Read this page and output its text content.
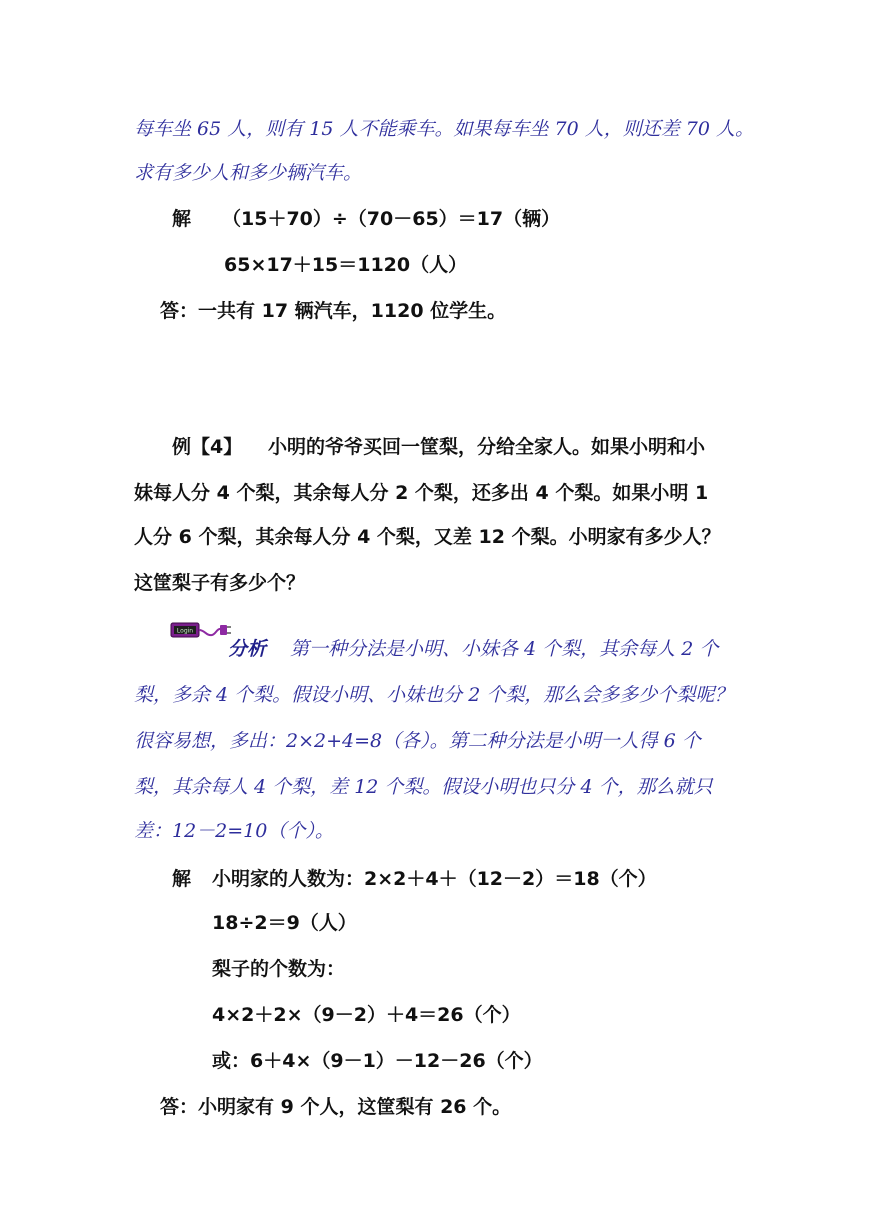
每车坐 65 人，则有 15 人不能乘车。如果每车坐 70 人，则还差 70 人。
求有多少人和多少辆汽车。
解 （15＋70）÷（70－65）＝17（辆）
65×17＋15＝1120（人）
答：一共有 17 辆汽车，1120 位学生。
例【4】 小明的爷爷买回一筐梨，分给全家人。如果小明和小
妹每人分 4 个梨，其余每人分 2 个梨，还多出 4 个梨。如果小明 1
人分 6 个梨，其余每人分 4 个梨，又差 12 个梨。小明家有多少人？
这筐梨子有多少个？
Login
分析 第一种分法是小明、小妹各 4 个梨，其余每人 2 个
梨，多余 4 个梨。假设小明、小妹也分 2 个梨，那么会多多少个梨呢？
很容易想，多出：2×2+4=8（各）。第二种分法是小明一人得 6 个
梨，其余每人 4 个梨，差 12 个梨。假设小明也只分 4 个，那么就只
差：12－2=10（个）。
解 小明家的人数为：2×2＋4＋（12－2）＝18（个）
18÷2＝9（人）
梨子的个数为：
4×2＋2×（9－2）＋4＝26（个）
或：6＋4×（9－1）－12－26（个）
答：小明家有 9 个人，这筐梨有 26 个。
